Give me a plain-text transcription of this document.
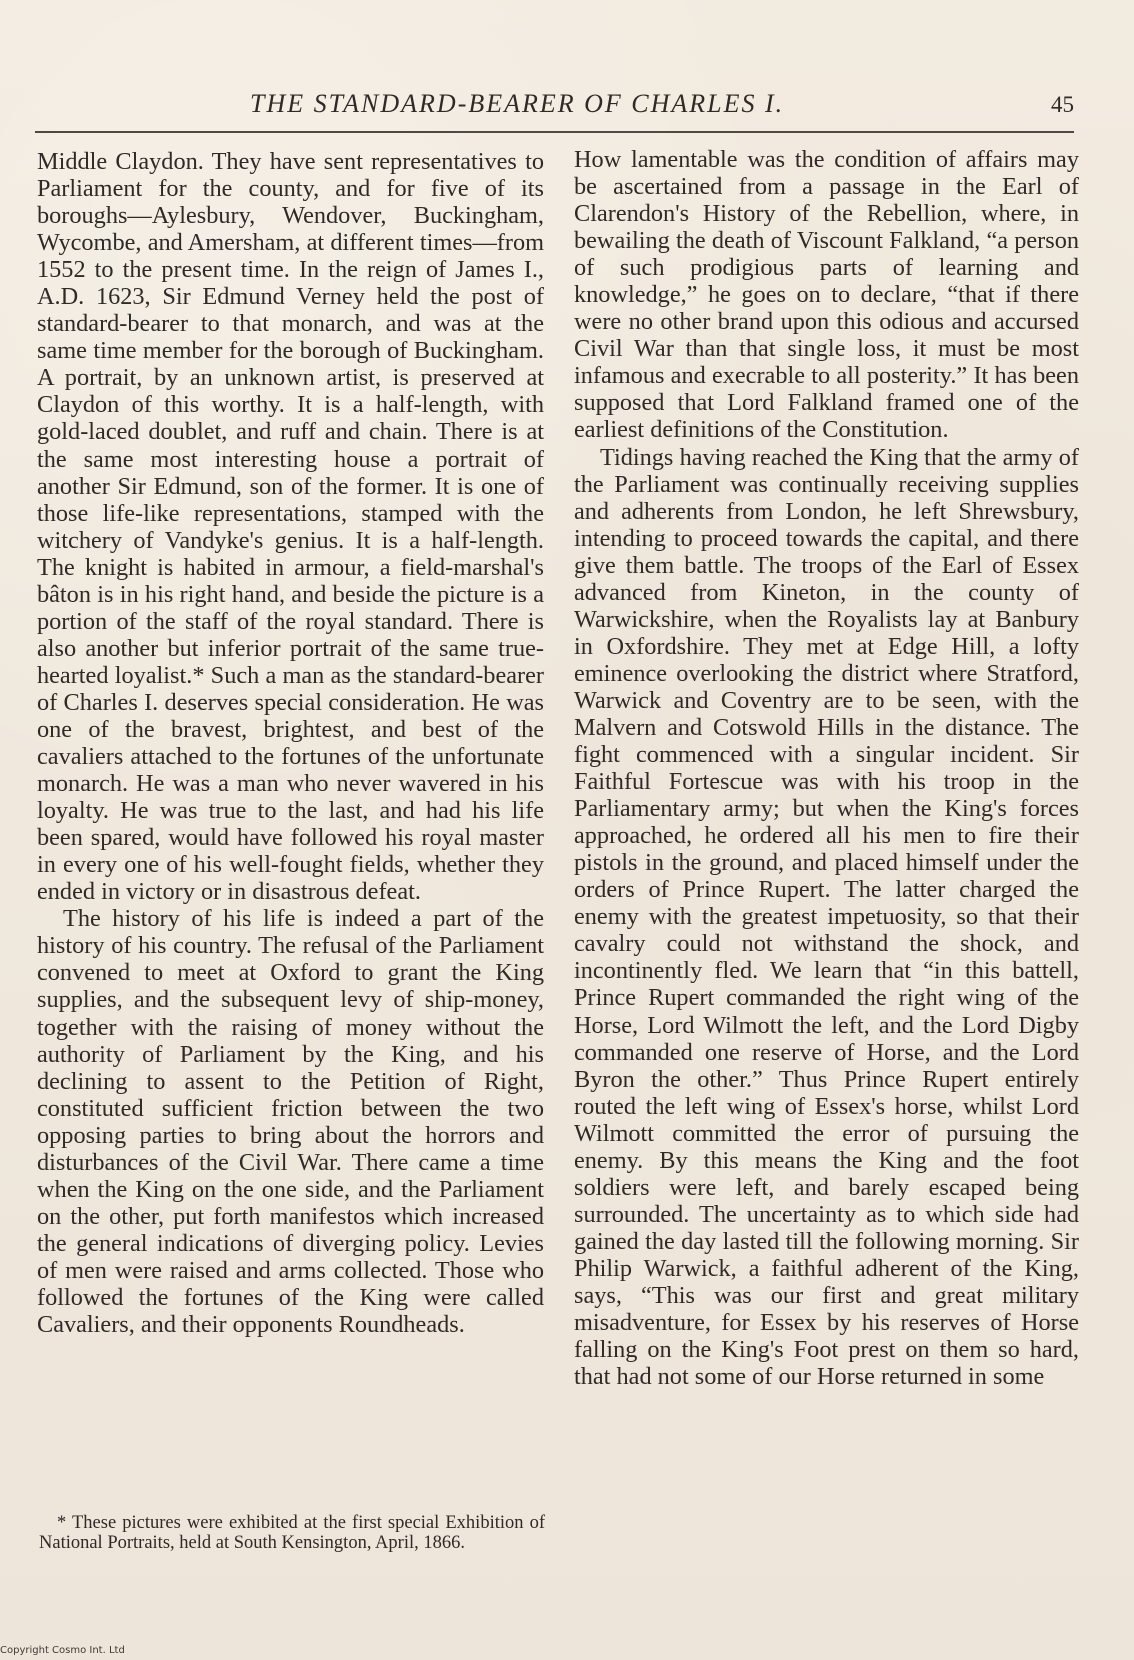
THE STANDARD-BEARER OF CHARLES I.	45

Middle Claydon. They have sent representatives to Parliament for the county, and for five of its boroughs—Aylesbury, Wendover, Buckingham, Wycombe, and Amersham, at different times—from 1552 to the present time. In the reign of James I., A.D. 1623, Sir Edmund Verney held the post of standard-bearer to that monarch, and was at the same time member for the borough of Buckingham. A portrait, by an unknown artist, is preserved at Claydon of this worthy. It is a half-length, with gold-laced doublet, and ruff and chain. There is at the same most interesting house a portrait of another Sir Edmund, son of the former. It is one of those life-like representations, stamped with the witchery of Vandyke's genius. It is a half-length. The knight is habited in armour, a field-marshal's bâton is in his right hand, and beside the picture is a portion of the staff of the royal standard. There is also another but inferior portrait of the same true-hearted loyalist.* Such a man as the standard-bearer of Charles I. deserves special consideration. He was one of the bravest, brightest, and best of the cavaliers attached to the fortunes of the unfortunate monarch. He was a man who never wavered in his loyalty. He was true to the last, and had his life been spared, would have followed his royal master in every one of his well-fought fields, whether they ended in victory or in disastrous defeat.

The history of his life is indeed a part of the history of his country. The refusal of the Parliament convened to meet at Oxford to grant the King supplies, and the subsequent levy of ship-money, together with the raising of money without the authority of Parliament by the King, and his declining to assent to the Petition of Right, constituted sufficient friction between the two opposing parties to bring about the horrors and disturbances of the Civil War. There came a time when the King on the one side, and the Parliament on the other, put forth manifestos which increased the general indications of diverging policy. Levies of men were raised and arms collected. Those who followed the fortunes of the King were called Cavaliers, and their opponents Roundheads.

* These pictures were exhibited at the first special Exhibition of National Portraits, held at South Kensington, April, 1866.

How lamentable was the condition of affairs may be ascertained from a passage in the Earl of Clarendon's History of the Rebellion, where, in bewailing the death of Viscount Falkland, “a person of such prodigious parts of learning and knowledge,” he goes on to declare, “that if there were no other brand upon this odious and accursed Civil War than that single loss, it must be most infamous and execrable to all posterity.” It has been supposed that Lord Falkland framed one of the earliest definitions of the Constitution.

Tidings having reached the King that the army of the Parliament was continually receiving supplies and adherents from London, he left Shrewsbury, intending to proceed towards the capital, and there give them battle. The troops of the Earl of Essex advanced from Kineton, in the county of Warwickshire, when the Royalists lay at Banbury in Oxfordshire. They met at Edge Hill, a lofty eminence overlooking the district where Stratford, Warwick and Coventry are to be seen, with the Malvern and Cotswold Hills in the distance. The fight commenced with a singular incident. Sir Faithful Fortescue was with his troop in the Parliamentary army; but when the King's forces approached, he ordered all his men to fire their pistols in the ground, and placed himself under the orders of Prince Rupert. The latter charged the enemy with the greatest impetuosity, so that their cavalry could not withstand the shock, and incontinently fled. We learn that “in this battell, Prince Rupert commanded the right wing of the Horse, Lord Wilmott the left, and the Lord Digby commanded one reserve of Horse, and the Lord Byron the other.” Thus Prince Rupert entirely routed the left wing of Essex's horse, whilst Lord Wilmott committed the error of pursuing the enemy. By this means the King and the foot soldiers were left, and barely escaped being surrounded. The uncertainty as to which side had gained the day lasted till the following morning. Sir Philip Warwick, a faithful adherent of the King, says, “This was our first and great military misadventure, for Essex by his reserves of Horse falling on the King's Foot prest on them so hard, that had not some of our Horse returned in some

Copyright Cosmo Int. Ltd
